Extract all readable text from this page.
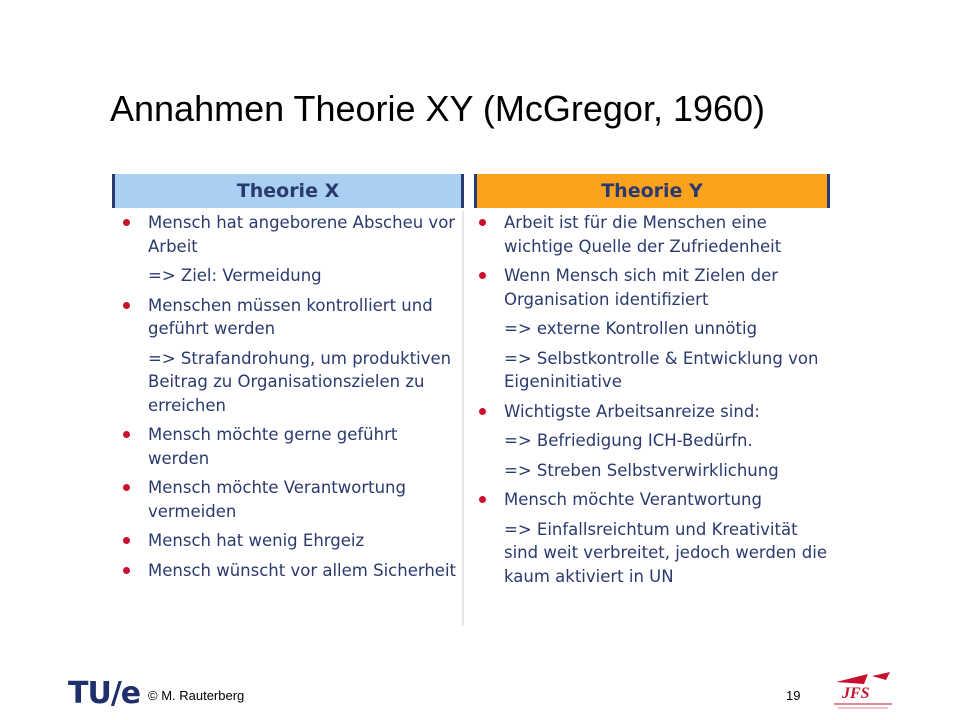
Annahmen Theorie XY (McGregor, 1960)
Theorie X
Mensch hat angeborene Abscheu vor Arbeit
=> Ziel: Vermeidung
Menschen müssen kontrolliert und geführt werden
=> Strafandrohung, um produktiven Beitrag zu Organisationszielen zu erreichen
Mensch möchte gerne geführt werden
Mensch möchte Verantwortung vermeiden
Mensch hat wenig Ehrgeiz
Mensch wünscht vor allem Sicherheit
Theorie Y
Arbeit ist für die Menschen eine wichtige Quelle der Zufriedenheit
Wenn Mensch sich mit Zielen der Organisation identifiziert
=> externe Kontrollen unnötig
=> Selbstkontrolle & Entwicklung von Eigeninitiative
Wichtigste Arbeitsanreize sind:
=> Befriedigung ICH-Bedürfn.
=> Streben Selbstverwirklichung
Mensch möchte Verantwortung
=> Einfallsreichtum und Kreativität sind weit verbreitet, jedoch werden die kaum aktiviert in UN
TU/e © M. Rauterberg	19	JFS
